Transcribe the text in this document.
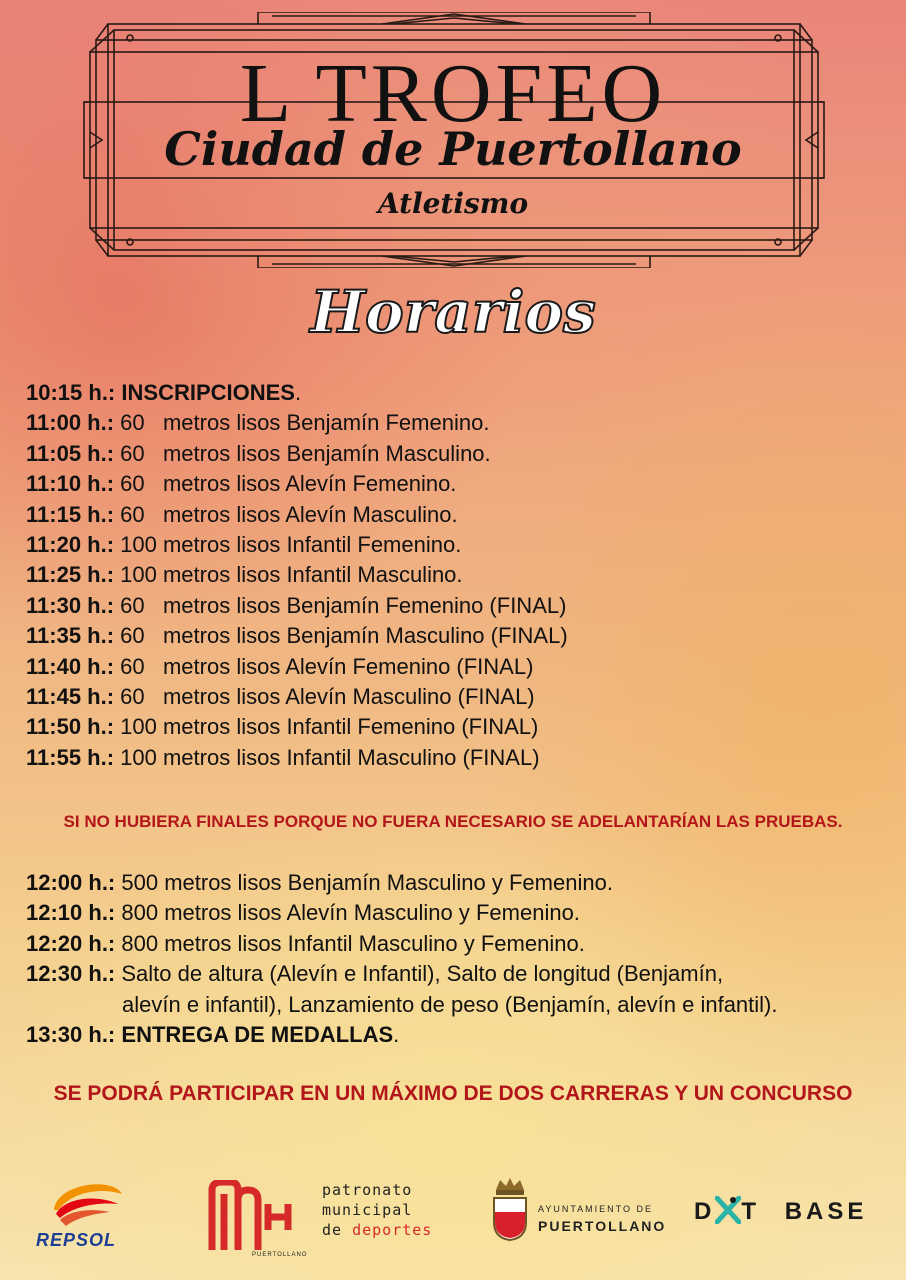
L TROFEO
Ciudad de Puertollano
Atletismo
Horarios
10:15 h.: INSCRIPCIONES.
11:00 h.: 60   metros lisos Benjamín Femenino.
11:05 h.: 60   metros lisos Benjamín Masculino.
11:10 h.: 60   metros lisos Alevín Femenino.
11:15 h.: 60   metros lisos Alevín Masculino.
11:20 h.: 100 metros lisos Infantil Femenino.
11:25 h.: 100 metros lisos Infantil Masculino.
11:30 h.: 60   metros lisos Benjamín Femenino (FINAL)
11:35 h.: 60   metros lisos Benjamín Masculino (FINAL)
11:40 h.: 60   metros lisos Alevín Femenino (FINAL)
11:45 h.: 60   metros lisos Alevín Masculino (FINAL)
11:50 h.: 100 metros lisos Infantil Femenino (FINAL)
11:55 h.: 100 metros lisos Infantil Masculino (FINAL)
SI NO HUBIERA FINALES PORQUE NO FUERA NECESARIO SE ADELANTARÍAN LAS PRUEBAS.
12:00 h.: 500 metros lisos Benjamín Masculino y Femenino.
12:10 h.: 800 metros lisos Alevín Masculino y Femenino.
12:20 h.: 800 metros lisos Infantil Masculino y Femenino.
12:30 h.: Salto de altura (Alevín e Infantil), Salto de longitud (Benjamín,
alevín e infantil), Lanzamiento de peso (Benjamín, alevín e infantil).
13:30 h.: ENTREGA DE MEDALLAS.
SE PODRÁ PARTICIPAR EN UN MÁXIMO DE DOS CARRERAS Y UN CONCURSO
REPSOL
PUERTOLLANO
patronato
municipal
de deportes
AYUNTAMIENTO DE
PUERTOLLANO
D T BASE
